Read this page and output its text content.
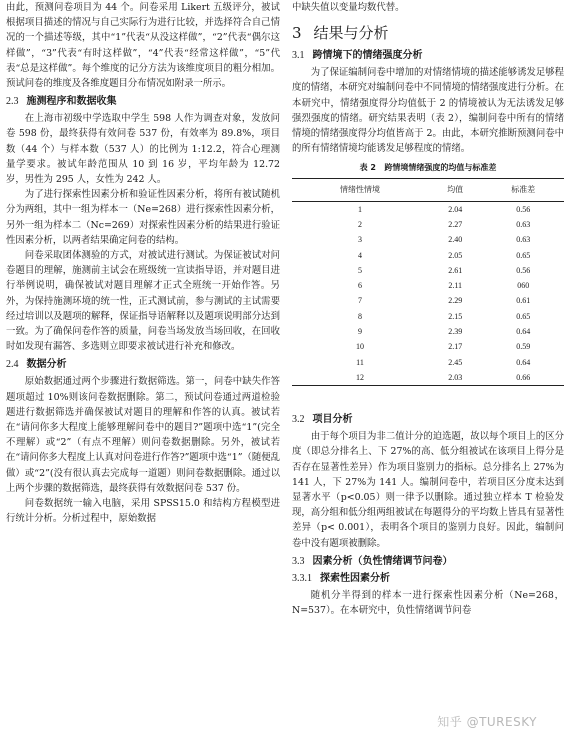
由此，预测问卷项目为 44 个。问卷采用 Likert 五级评分，被试根据项目描述的情况与自己实际行为进行比较，并选择符合自己情况的一个描述等级，其中“1”代表“从没这样做”，“2”代表“偶尔这样做”，“3”代表“有时这样做”，“4”代表“经常这样做”，“5”代表“总是这样做”。每个维度的记分方法为该维度项目的粗分相加。预试问卷的维度及各维度题目分布情况如附录一所示。

2.3 施测程序和数据收集

在上海市初级中学选取中学生 598 人作为调查对象，发放问卷 598 份，最终获得有效问卷 537 份，有效率为 89.8%，项目数（44 个）与样本数（537 人）的比例为 1:12.2，符合心理测量学要求。被试年龄范围从 10 到 16 岁，平均年龄为 12.72 岁，男性为 295 人，女性为 242 人。

为了进行探索性因素分析和验证性因素分析，将所有被试随机分为两组，其中一组为样本一（Ne=268）进行探索性因素分析，另外一组为样本二（Nc=269）对探索性因素分析的结果进行验证性因素分析，以两者结果确定问卷的结构。

问卷采取团体测验的方式，对被试进行测试。为保证被试对问卷题目的理解，施测前主试会在班级统一宣读指导语，并对题目进行举例说明，确保被试对题目理解才正式全班统一开始作答。另外，为保持施测环境的统一性，正式测试前，参与测试的主试需要经过培训以及题项的解释，保证指导语解释以及题项说明部分达到一致。为了确保问卷作答的质量，问卷当场发放当场回收，在回收时如发现有漏答、多选则立即要求被试进行补充和修改。

2.4 数据分析

原始数据通过两个步骤进行数据筛选。第一，问卷中缺失作答题项超过 10%则该问卷数据删除。第二，预试问卷通过两道检验题进行数据筛选并确保被试对题目的理解和作答的认真。被试若在“请问你多大程度上能够理解问卷中的题目?”题项中选“1”(完全不理解）或“2”（有点不理解）则问卷数据删除。另外，被试若在“请问你多大程度上认真对问卷进行作答?”题项中选“1”（随便乱做）或“2”(没有很认真去完成每一道题）则问卷数据删除。通过以上两个步骤的数据筛选，最终获得有效数据问卷 537 份。

问卷数据统一输入电脑，采用 SPSS15.0 和结构方程模型进行统计分析。分析过程中，原始数据

中缺失值以变量均数代替。

3 结果与分析
3.1 跨情境下的情绪强度分析

为了保证编制问卷中增加的对情绪情境的描述能够诱发足够程度的情绪，本研究对编制问卷中不同情境的情绪强度进行分析。在本研究中，情绪强度得分均值低于 2 的情境被认为无法诱发足够强烈强度的情绪。研究结果表明（表 2），编制问卷中所有的情绪情境的情绪强度得分均值皆高于 2。由此，本研究推断预测问卷中的所有情绪情境均能诱发足够程度的情绪。

表 2 跨情境情绪强度的均值与标准差
情绪性情境	均值	标准差
1	2.04	0.56
2	2.27	0.63
3	2.40	0.63
4	2.05	0.65
5	2.61	0.56
6	2.11	060
7	2.29	0.61
8	2.15	0.65
9	2.39	0.64
10	2.17	0.59
11	2.45	0.64
12	2.03	0.66
3.2 项目分析

由于每个项目为非二值计分的迫选题，故以每个项目上的区分度（即总分排名上、下 27%的高、低分组被试在该项目上得分是否存在显著性差异）作为项目鉴别力的指标。总分排名上 27%为 141 人，下 27%为 141 人。编制问卷中，若项目区分度未达到显著水平（p<0.05）则一律予以删除。通过独立样本 T 检验发现，高分组和低分组两组被试在每题得分的平均数上皆具有显著性差异（p< 0.001），表明各个项目的鉴别力良好。因此，编制问卷中没有题项被删除。

3.3 因素分析（负性情绪调节问卷）
3.3.1 探索性因素分析

随机分半得到的样本一进行探索性因素分析（Ne=268，N=537）。在本研究中，负性情绪调节问卷

知乎 @TURESKY
